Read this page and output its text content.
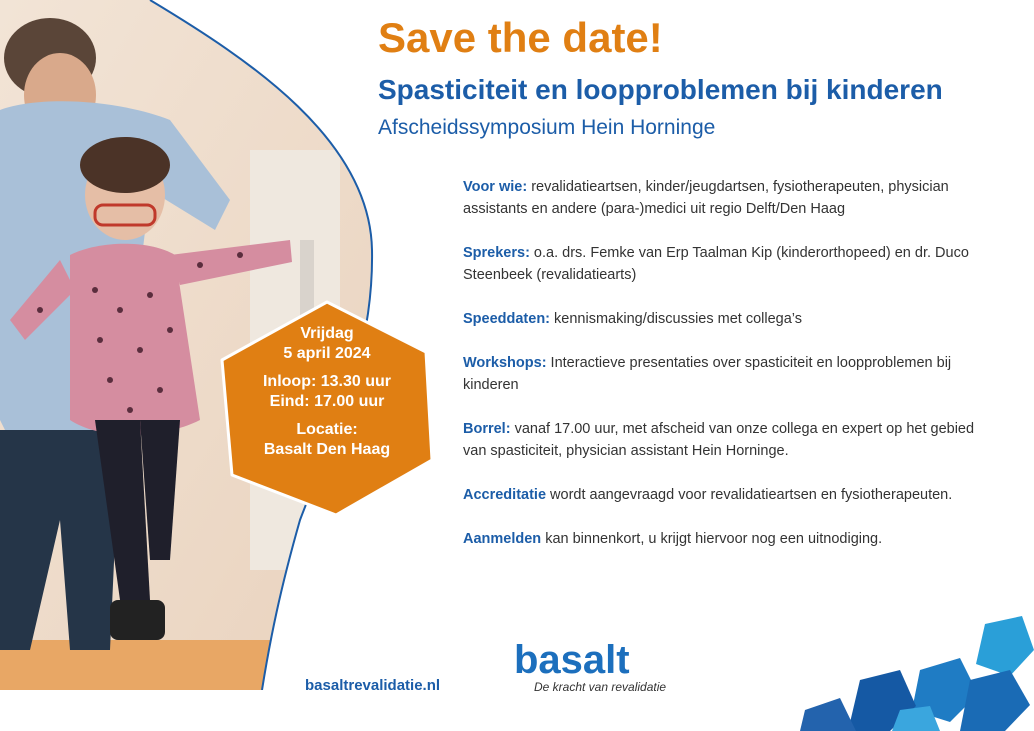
Vrijdag
5 april 2024
Inloop: 13.30 uur
Eind: 17.00 uur
Locatie:
Basalt Den Haag
Save the date!
Spasticiteit en loopproblemen bij kinderen
Afscheidssymposium Hein Horninge

Voor wie: revalidatieartsen, kinder/jeugdartsen, fysiotherapeuten, physician assistants en andere (para-)medici uit regio Delft/Den Haag

Sprekers: o.a. drs. Femke van Erp Taalman Kip (kinderorthopeed) en dr. Duco Steenbeek (revalidatiearts)

Speeddaten: kennismaking/discussies met collega’s

Workshops: Interactieve presentaties over spasticiteit en loopproblemen bij kinderen

Borrel: vanaf 17.00 uur, met afscheid van onze collega en expert op het gebied van spasticiteit, physician assistant Hein Horninge.

Accreditatie wordt aangevraagd voor revalidatieartsen en fysiotherapeuten.

Aanmelden kan binnenkort, u krijgt hiervoor nog een uitnodiging.

basaltrevalidatie.nl
basalt
De kracht van revalidatie
